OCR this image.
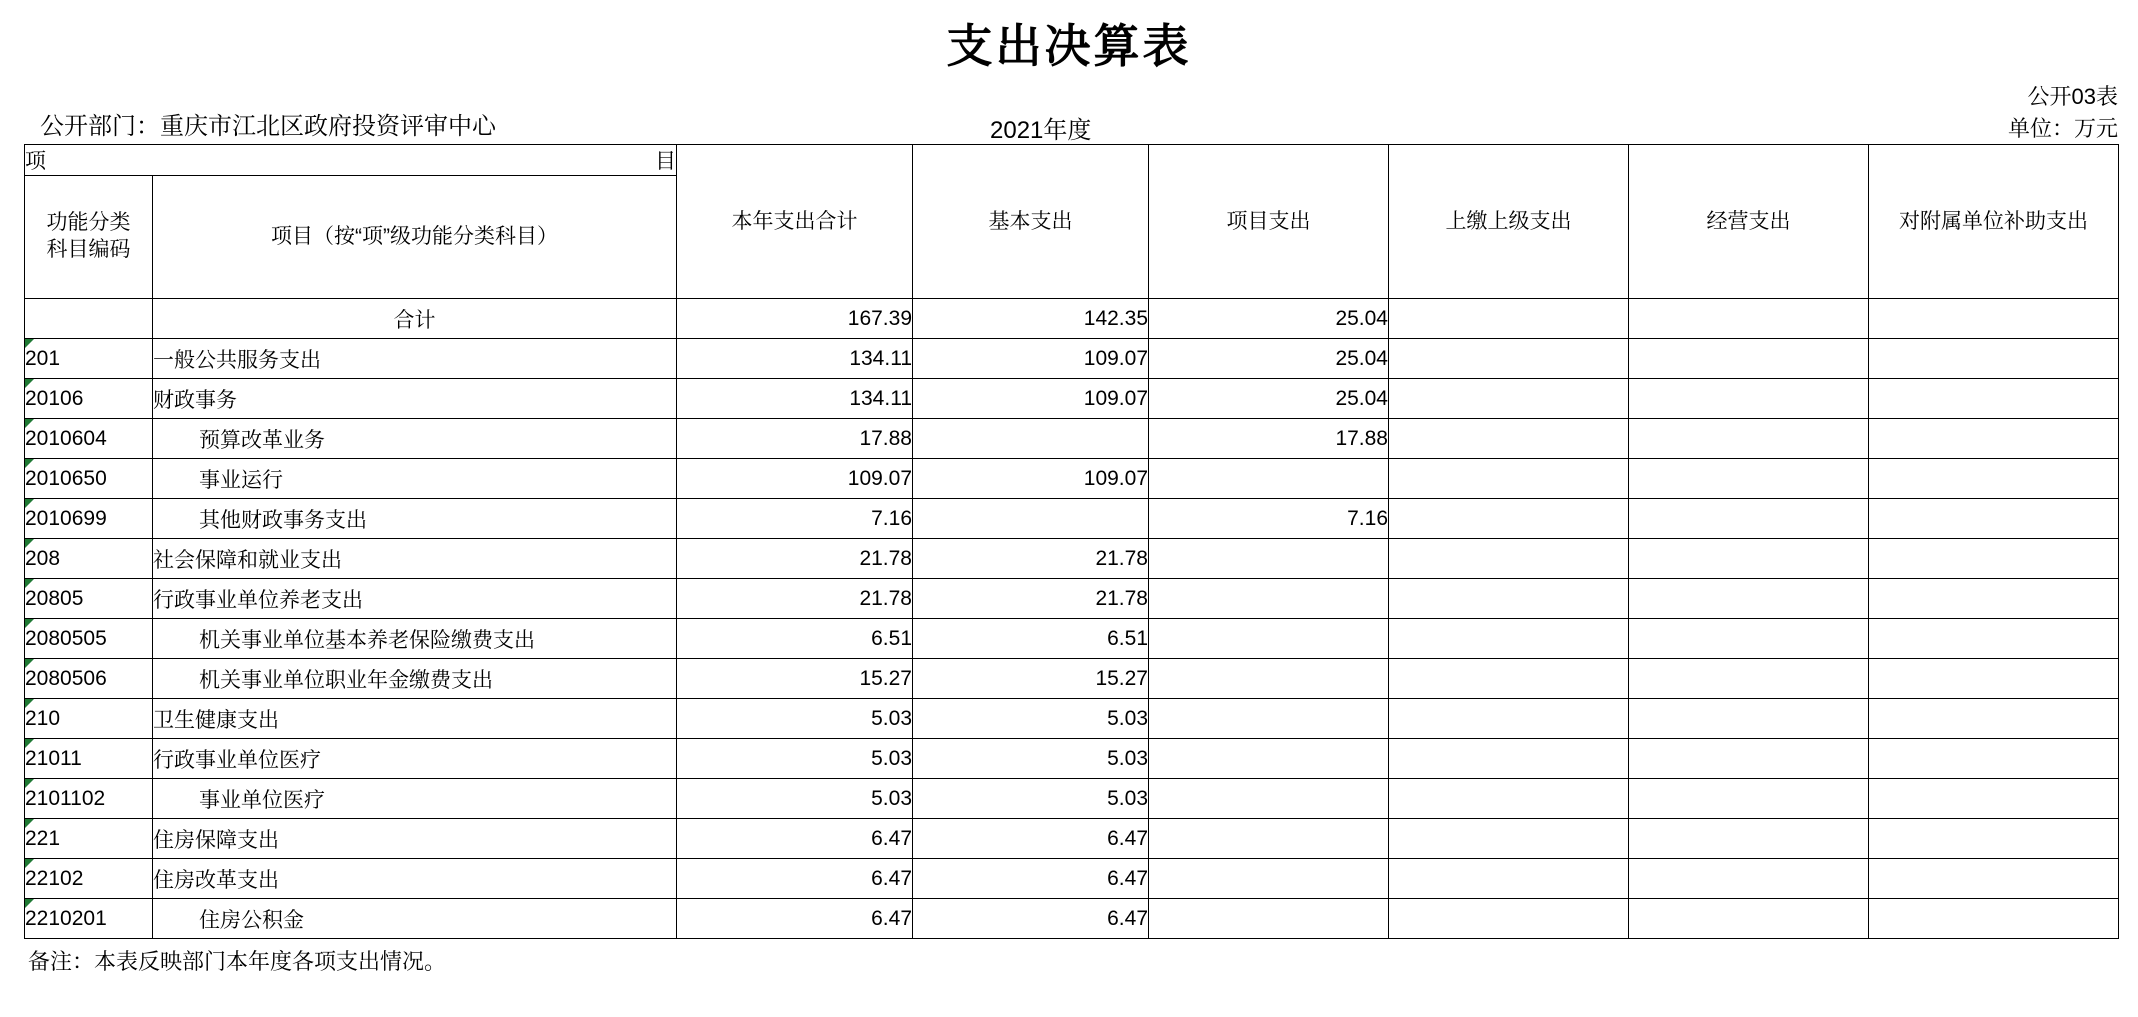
支出决算表
公开部门：重庆市江北区政府投资评审中心	2021年度
公开03表
单位：万元
项 目		本年支出合计	基本支出	项目支出	上缴上级支出	经营支出	对附属单位补助支出

功能分类
科目编码	项目（按“项”级功能分类科目）						
	合计	167.39	142.35	25.04			
201	一般公共服务支出	134.11	109.07	25.04			
20106	财政事务	134.11	109.07	25.04			
2010604	预算改革业务	17.88		17.88			
2010650	事业运行	109.07	109.07				
2010699	其他财政事务支出	7.16		7.16			
208	社会保障和就业支出	21.78	21.78				
20805	行政事业单位养老支出	21.78	21.78				
2080505	机关事业单位基本养老保险缴费支出	6.51	6.51				
2080506	机关事业单位职业年金缴费支出	15.27	15.27				
210	卫生健康支出	5.03	5.03				
21011	行政事业单位医疗	5.03	5.03				
2101102	事业单位医疗	5.03	5.03				
221	住房保障支出	6.47	6.47				
22102	住房改革支出	6.47	6.47				
2210201	住房公积金	6.47	6.47				
备注：本表反映部门本年度各项支出情况。
